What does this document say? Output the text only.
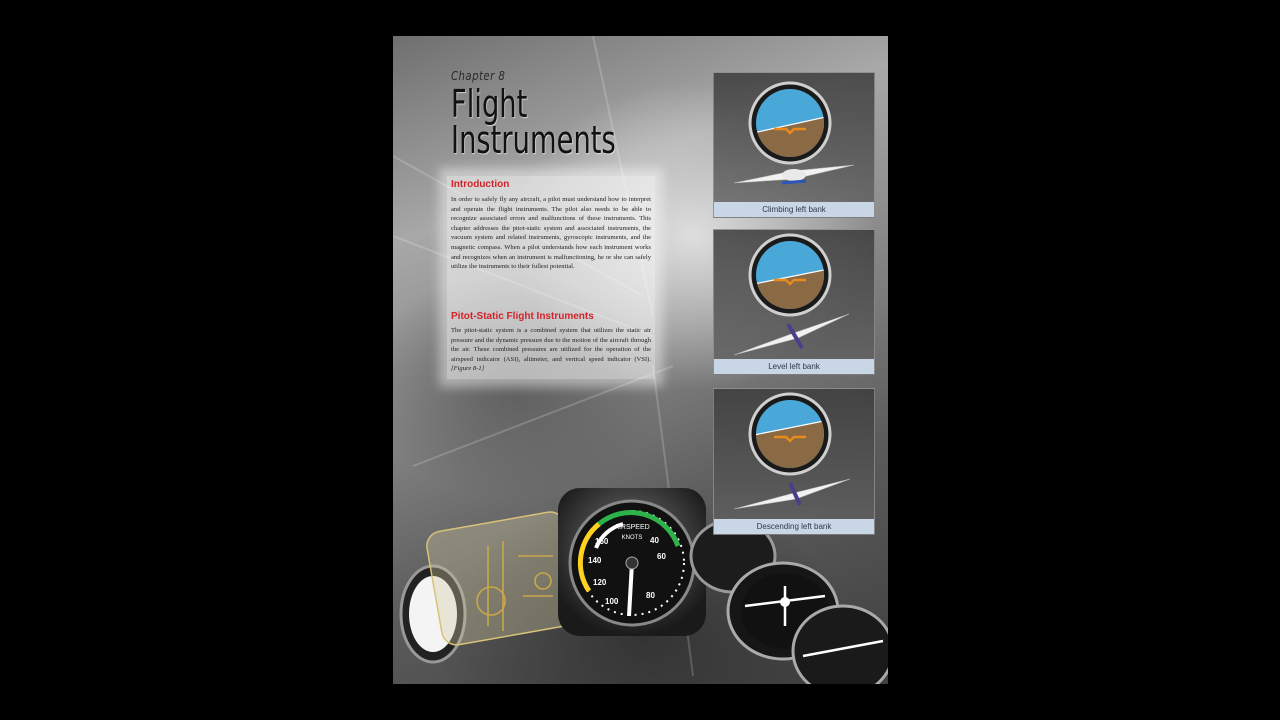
AIRSPEED
KNOTS
160
140
120
100
80
60
40
Chapter 8
Flight
Instruments
Introduction
In order to safely fly any aircraft, a pilot must understand how to interpret and operate the flight instruments. The pilot also needs to be able to recognize associated errors and malfunctions of these instruments. This chapter addresses the pitot-static system and associated instruments, the vacuum system and related instruments, gyroscopic instruments, and the magnetic compass. When a pilot understands how each instrument works and recognizes when an instrument is malfunctioning, he or she can safely utilize the instruments to their fullest potential.
Pitot-Static Flight Instruments
The pitot-static system is a combined system that utilizes the static air pressure and the dynamic pressure due to the motion of the aircraft through the air. These combined pressures are utilized for the operation of the airspeed indicator (ASI), altimeter, and vertical speed indicator (VSI). [Figure 8-1]
Climbing left bank
Level left bank
Descending left bank
